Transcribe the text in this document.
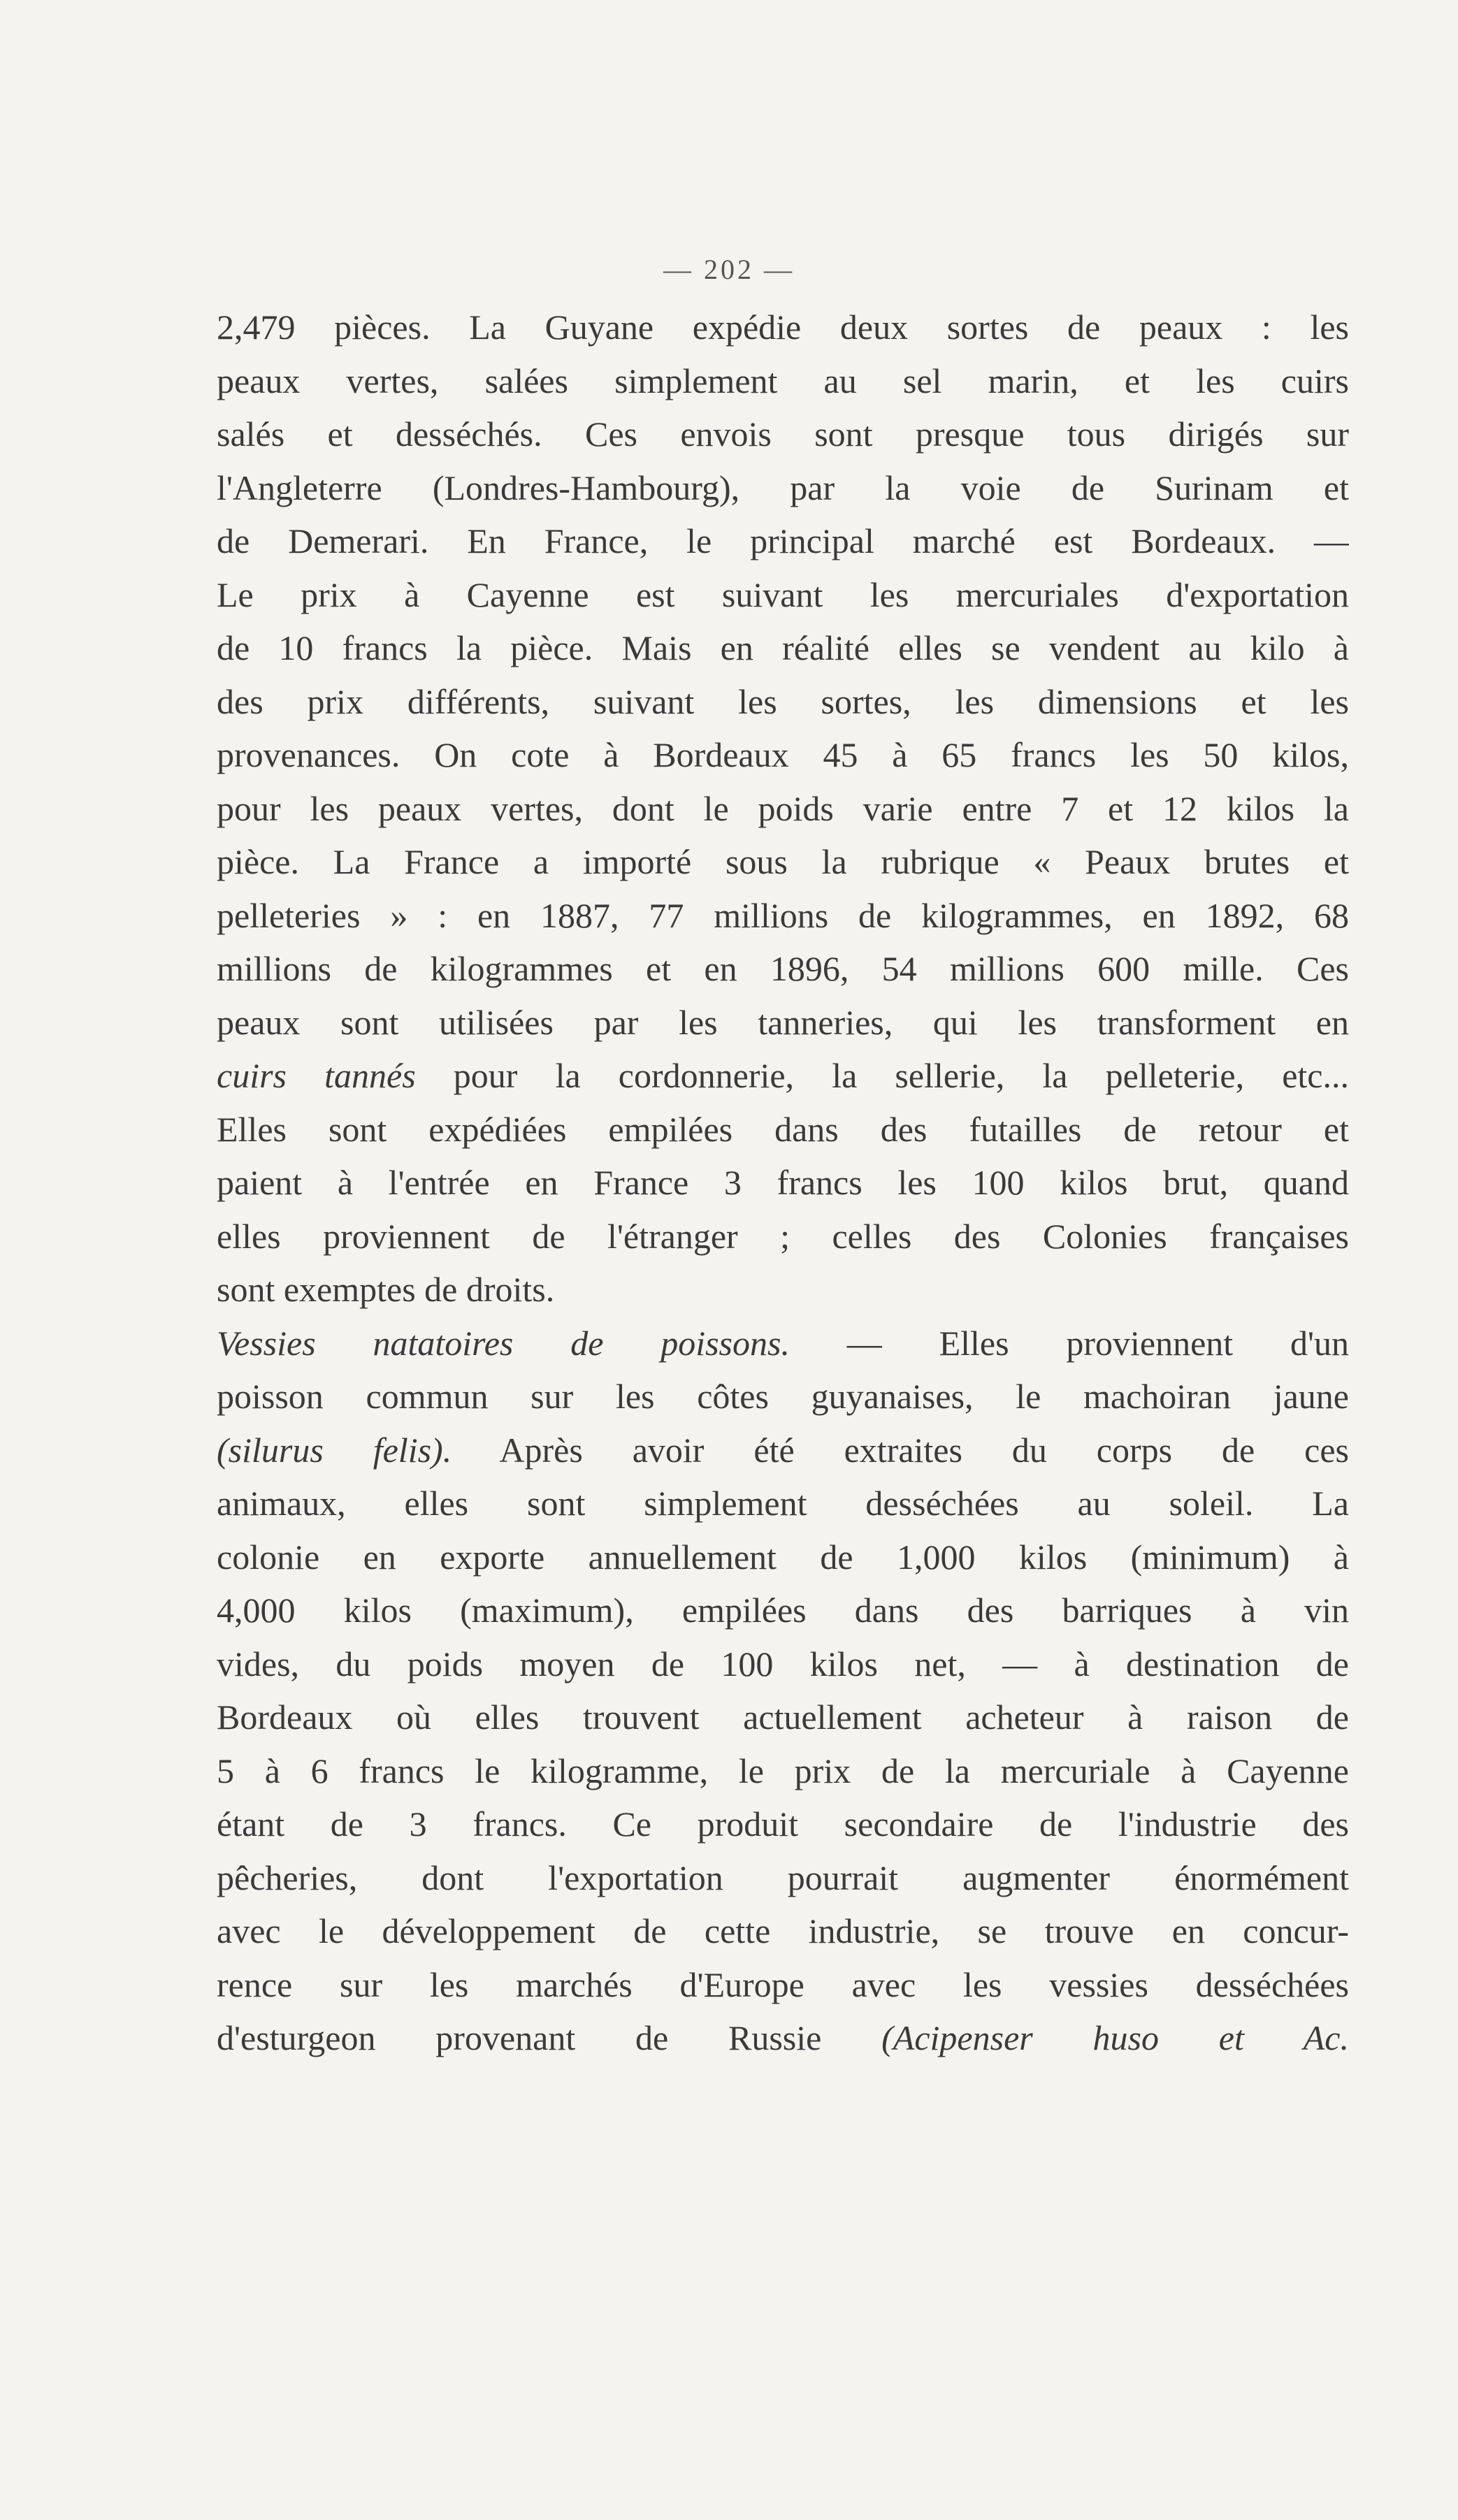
— 202 —
2,479 pièces. La Guyane expédie deux sortes de peaux : les
peaux vertes, salées simplement au sel marin, et les cuirs
salés et desséchés. Ces envois sont presque tous dirigés sur
l'Angleterre (Londres-Hambourg), par la voie de Surinam et
de Demerari. En France, le principal marché est Bordeaux. —
Le prix à Cayenne est suivant les mercuriales d'exportation
de 10 francs la pièce. Mais en réalité elles se vendent au kilo à
des prix différents, suivant les sortes, les dimensions et les
provenances. On cote à Bordeaux 45 à 65 francs les 50 kilos,
pour les peaux vertes, dont le poids varie entre 7 et 12 kilos la
pièce. La France a importé sous la rubrique « Peaux brutes et
pelleteries » : en 1887, 77 millions de kilogrammes, en 1892, 68
millions de kilogrammes et en 1896, 54 millions 600 mille. Ces
peaux sont utilisées par les tanneries, qui les transforment en
cuirs tannés pour la cordonnerie, la sellerie, la pelleterie, etc...
Elles sont expédiées empilées dans des futailles de retour et
paient à l'entrée en France 3 francs les 100 kilos brut, quand
elles proviennent de l'étranger ; celles des Colonies françaises
sont exemptes de droits.
Vessies natatoires de poissons. — Elles proviennent d'un
poisson commun sur les côtes guyanaises, le machoiran jaune
(silurus felis). Après avoir été extraites du corps de ces
animaux, elles sont simplement desséchées au soleil. La
colonie en exporte annuellement de 1,000 kilos (minimum) à
4,000 kilos (maximum), empilées dans des barriques à vin
vides, du poids moyen de 100 kilos net, — à destination de
Bordeaux où elles trouvent actuellement acheteur à raison de
5 à 6 francs le kilogramme, le prix de la mercuriale à Cayenne
étant de 3 francs. Ce produit secondaire de l'industrie des
pêcheries, dont l'exportation pourrait augmenter énormément
avec le développement de cette industrie, se trouve en concur-
rence sur les marchés d'Europe avec les vessies desséchées
d'esturgeon provenant de Russie (Acipenser huso et Ac.
